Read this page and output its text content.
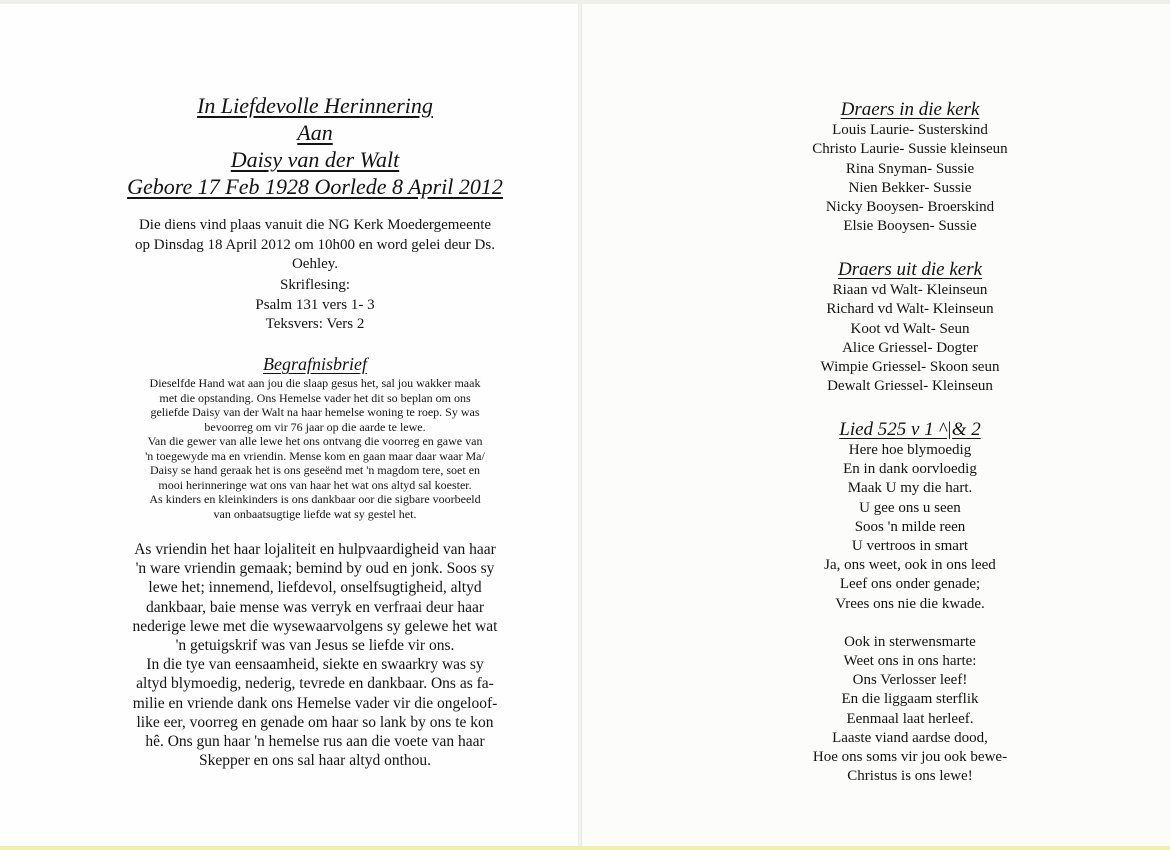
In Liefdevolle Herinnering
Aan
Daisy van der Walt
Gebore 17 Feb 1928 Oorlede 8 April 2012
Die diens vind plaas vanuit die NG Kerk Moedergemeente
op Dinsdag 18 April 2012 om 10h00 en word gelei deur Ds.
Oehley.
Skriflesing:
Psalm 131 vers 1- 3
Teksvers: Vers 2
Begrafnisbrief
Dieselfde Hand wat aan jou die slaap gesus het, sal jou wakker maak
met die opstanding. Ons Hemelse vader het dit so beplan om ons
geliefde Daisy van der Walt na haar hemelse woning te roep. Sy was
bevoorreg om vir 76 jaar op die aarde te lewe.
Van die gewer van alle lewe het ons ontvang die voorreg en gawe van
'n toegewyde ma en vriendin. Mense kom en gaan maar daar waar Ma/
Daisy se hand geraak het is ons geseënd met 'n magdom tere, soet en
mooi herinneringe wat ons van haar het wat ons altyd sal koester.
As kinders en kleinkinders is ons dankbaar oor die sigbare voorbeeld
van onbaatsugtige liefde wat sy gestel het.
As vriendin het haar lojaliteit en hulpvaardigheid van haar
'n ware vriendin gemaak; bemind by oud en jonk. Soos sy
lewe het; innemend, liefdevol, onselfsugtigheid, altyd
dankbaar, baie mense was verryk en verfraai deur haar
nederige lewe met die wysewaarvolgens sy gelewe het wat
'n getuigskrif was van Jesus se liefde vir ons.
In die tye van eensaamheid, siekte en swaarkry was sy
altyd blymoedig, nederig, tevrede en dankbaar. Ons as fa-
milie en vriende dank ons Hemelse vader vir die ongeloof-
like eer, voorreg en genade om haar so lank by ons te kon
hê. Ons gun haar 'n hemelse rus aan die voete van haar
Skepper en ons sal haar altyd onthou.
Draers in die kerk
Louis Laurie- Susterskind
Christo Laurie- Sussie kleinseun
Rina Snyman- Sussie
Nien Bekker- Sussie
Nicky Booysen- Broerskind
Elsie Booysen- Sussie
Draers uit die kerk
Riaan vd Walt- Kleinseun
Richard vd Walt- Kleinseun
Koot vd Walt- Seun
Alice Griessel- Dogter
Wimpie Griessel- Skoon seun
Dewalt Griessel- Kleinseun
Lied 525 v 1 ^|& 2
Here hoe blymoedig
En in dank oorvloedig
Maak U my die hart.
U gee ons u seen
Soos 'n milde reen
U vertroos in smart
Ja, ons weet, ook in ons leed
Leef ons onder genade;
Vrees ons nie die kwade.
Ook in sterwensmarte
Weet ons in ons harte:
Ons Verlosser leef!
En die liggaam sterflik
Eenmaal laat herleef.
Laaste viand aardse dood,
Hoe ons soms vir jou ook bewe-
Christus is ons lewe!
